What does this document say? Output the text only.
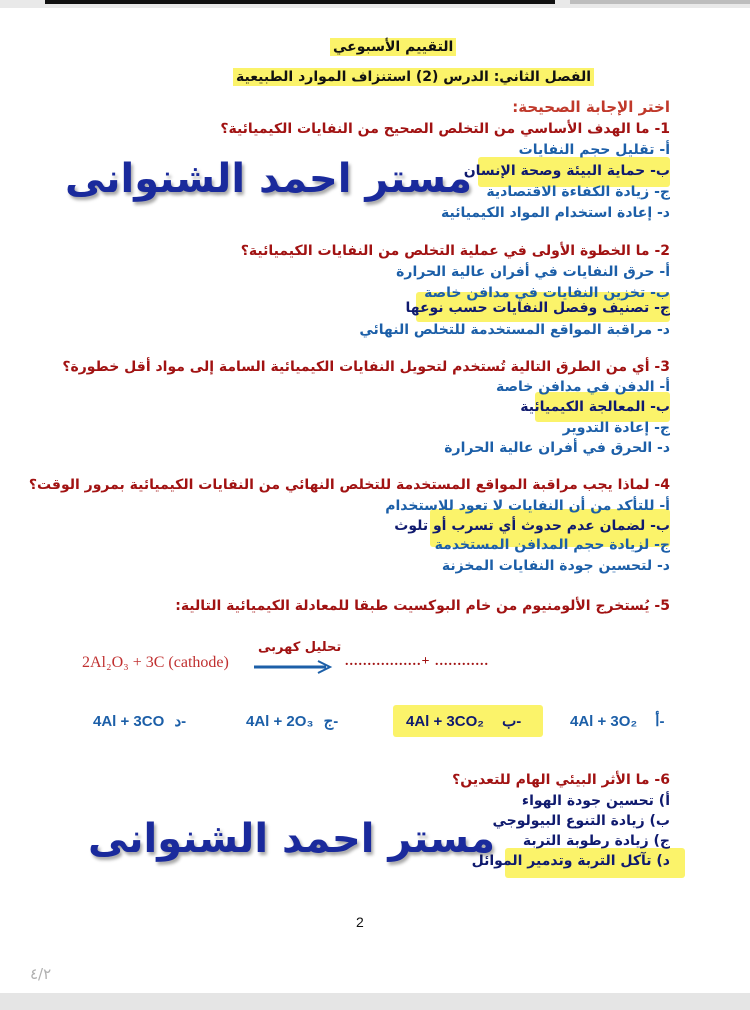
التقييم الأسبوعي
الفصل الثاني: الدرس (2) استنزاف الموارد الطبيعية
اختر الإجابة الصحيحة:
1- ما الهدف الأساسي من التخلص الصحيح من النفايات الكيميائية؟
أ- تقليل حجم النفايات
ب- حماية البيئة وصحة الإنسان
ج- زيادة الكفاءة الاقتصادية
د- إعادة استخدام المواد الكيميائية
مستر احمد الشنوانى
2- ما الخطوة الأولى في عملية التخلص من النفايات الكيميائية؟
أ- حرق النفايات في أفران عالية الحرارة
ب- تخزين النفايات في مدافن خاصة
ج- تصنيف وفصل النفايات حسب نوعها
د- مراقبة المواقع المستخدمة للتخلص النهائي
3- أي من الطرق التالية تُستخدم لتحويل النفايات الكيميائية السامة إلى مواد أقل خطورة؟
أ- الدفن في مدافن خاصة
ب- المعالجة الكيميائية
ج- إعادة التدوير
د- الحرق في أفران عالية الحرارة
4- لماذا يجب مراقبة المواقع المستخدمة للتخلص النهائي من النفايات الكيميائية بمرور الوقت؟
أ- للتأكد من أن النفايات لا تعود للاستخدام
ب- لضمان عدم حدوث أي تسرب أو تلوث
ج- لزيادة حجم المدافن المستخدمة
د- لتحسين جودة النفايات المخزنة
5- يُستخرج الألومنيوم من خام البوكسيت طبقا للمعادلة الكيميائية التالية:
2Al₂O₃ + 3C (cathode)
تحليل كهربى
.................+ ............
4Al + 3O₂ أ-
4Al + 3CO₂ ب-
4Al + 2O₃ ج-
4Al + 3CO د-
6- ما الأثر البيئي الهام للتعدين؟
أ) تحسين جودة الهواء
ب) زيادة التنوع البيولوجي
ج) زيادة رطوبة التربة
د) تآكل التربة وتدمير الموائل
مستر احمد الشنوانى
2
٤/٢
